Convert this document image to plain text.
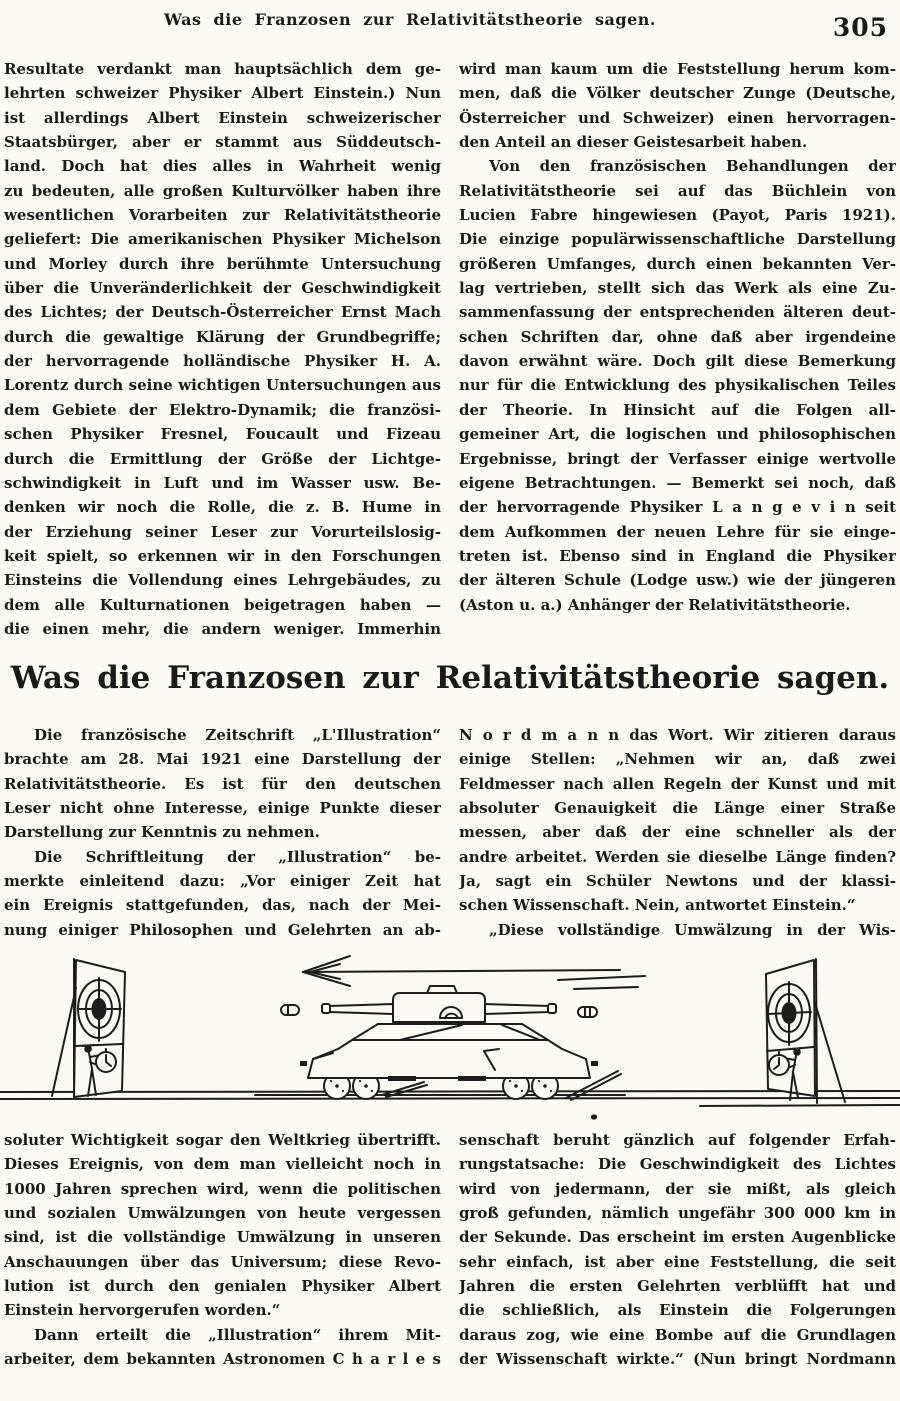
Was die Franzosen zur Relativitätstheorie sagen.	305
Resultate verdankt man hauptsächlich dem ge-
lehrten schweizer Physiker Albert Einstein.) Nun
ist allerdings Albert Einstein schweizerischer
Staatsbürger, aber er stammt aus Süddeutsch-
land. Doch hat dies alles in Wahrheit wenig
zu bedeuten, alle großen Kulturvölker haben ihre
wesentlichen Vorarbeiten zur Relativitätstheorie
geliefert: Die amerikanischen Physiker Michelson
und Morley durch ihre berühmte Untersuchung
über die Unveränderlichkeit der Geschwindigkeit
des Lichtes; der Deutsch-Österreicher Ernst Mach
durch die gewaltige Klärung der Grundbegriffe;
der hervorragende holländische Physiker H. A.
Lorentz durch seine wichtigen Untersuchungen aus
dem Gebiete der Elektro-Dynamik; die französi-
schen Physiker Fresnel, Foucault und Fizeau
durch die Ermittlung der Größe der Lichtge-
schwindigkeit in Luft und im Wasser usw. Be-
denken wir noch die Rolle, die z. B. Hume in
der Erziehung seiner Leser zur Vorurteilslosig-
keit spielt, so erkennen wir in den Forschungen
Einsteins die Vollendung eines Lehrgebäudes, zu
dem alle Kulturnationen beigetragen haben —
die einen mehr, die andern weniger. Immerhin
wird man kaum um die Feststellung herum kom-
men, daß die Völker deutscher Zunge (Deutsche,
Österreicher und Schweizer) einen hervorragen-
den Anteil an dieser Geistesarbeit haben.
Von den französischen Behandlungen der
Relativitätstheorie sei auf das Büchlein von
Lucien Fabre hingewiesen (Payot, Paris 1921).
Die einzige populärwissenschaftliche Darstellung
größeren Umfanges, durch einen bekannten Ver-
lag vertrieben, stellt sich das Werk als eine Zu-
sammenfassung der entsprechenden älteren deut-
schen Schriften dar, ohne daß aber irgendeine
davon erwähnt wäre. Doch gilt diese Bemerkung
nur für die Entwicklung des physikalischen Teiles
der Theorie. In Hinsicht auf die Folgen all-
gemeiner Art, die logischen und philosophischen
Ergebnisse, bringt der Verfasser einige wertvolle
eigene Betrachtungen. — Bemerkt sei noch, daß
der hervorragende Physiker L a n g e v i n seit
dem Aufkommen der neuen Lehre für sie einge-
treten ist. Ebenso sind in England die Physiker
der älteren Schule (Lodge usw.) wie der jüngeren
(Aston u. a.) Anhänger der Relativitätstheorie.
Was die Franzosen zur Relativitätstheorie sagen.
Die französische Zeitschrift „L'Illustration“
brachte am 28. Mai 1921 eine Darstellung der
Relativitätstheorie. Es ist für den deutschen
Leser nicht ohne Interesse, einige Punkte dieser
Darstellung zur Kenntnis zu nehmen.
Die Schriftleitung der „Illustration“ be-
merkte einleitend dazu: „Vor einiger Zeit hat
ein Ereignis stattgefunden, das, nach der Mei-
nung einiger Philosophen und Gelehrten an ab-
N o r d m a n n das Wort. Wir zitieren daraus
einige Stellen: „Nehmen wir an, daß zwei
Feldmesser nach allen Regeln der Kunst und mit
absoluter Genauigkeit die Länge einer Straße
messen, aber daß der eine schneller als der
andre arbeitet. Werden sie dieselbe Länge finden?
Ja, sagt ein Schüler Newtons und der klassi-
schen Wissenschaft. Nein, antwortet Einstein.“
„Diese vollständige Umwälzung in der Wis-
soluter Wichtigkeit sogar den Weltkrieg übertrifft.
Dieses Ereignis, von dem man vielleicht noch in
1000 Jahren sprechen wird, wenn die politischen
und sozialen Umwälzungen von heute vergessen
sind, ist die vollständige Umwälzung in unseren
Anschauungen über das Universum; diese Revo-
lution ist durch den genialen Physiker Albert
Einstein hervorgerufen worden.“
Dann erteilt die „Illustration“ ihrem Mit-
arbeiter, dem bekannten Astronomen C h a r l e s
senschaft beruht gänzlich auf folgender Erfah-
rungstatsache: Die Geschwindigkeit des Lichtes
wird von jedermann, der sie mißt, als gleich
groß gefunden, nämlich ungefähr 300 000 km in
der Sekunde. Das erscheint im ersten Augenblicke
sehr einfach, ist aber eine Feststellung, die seit
Jahren die ersten Gelehrten verblüfft hat und
die schließlich, als Einstein die Folgerungen
daraus zog, wie eine Bombe auf die Grundlagen
der Wissenschaft wirkte.“ (Nun bringt Nordmann
